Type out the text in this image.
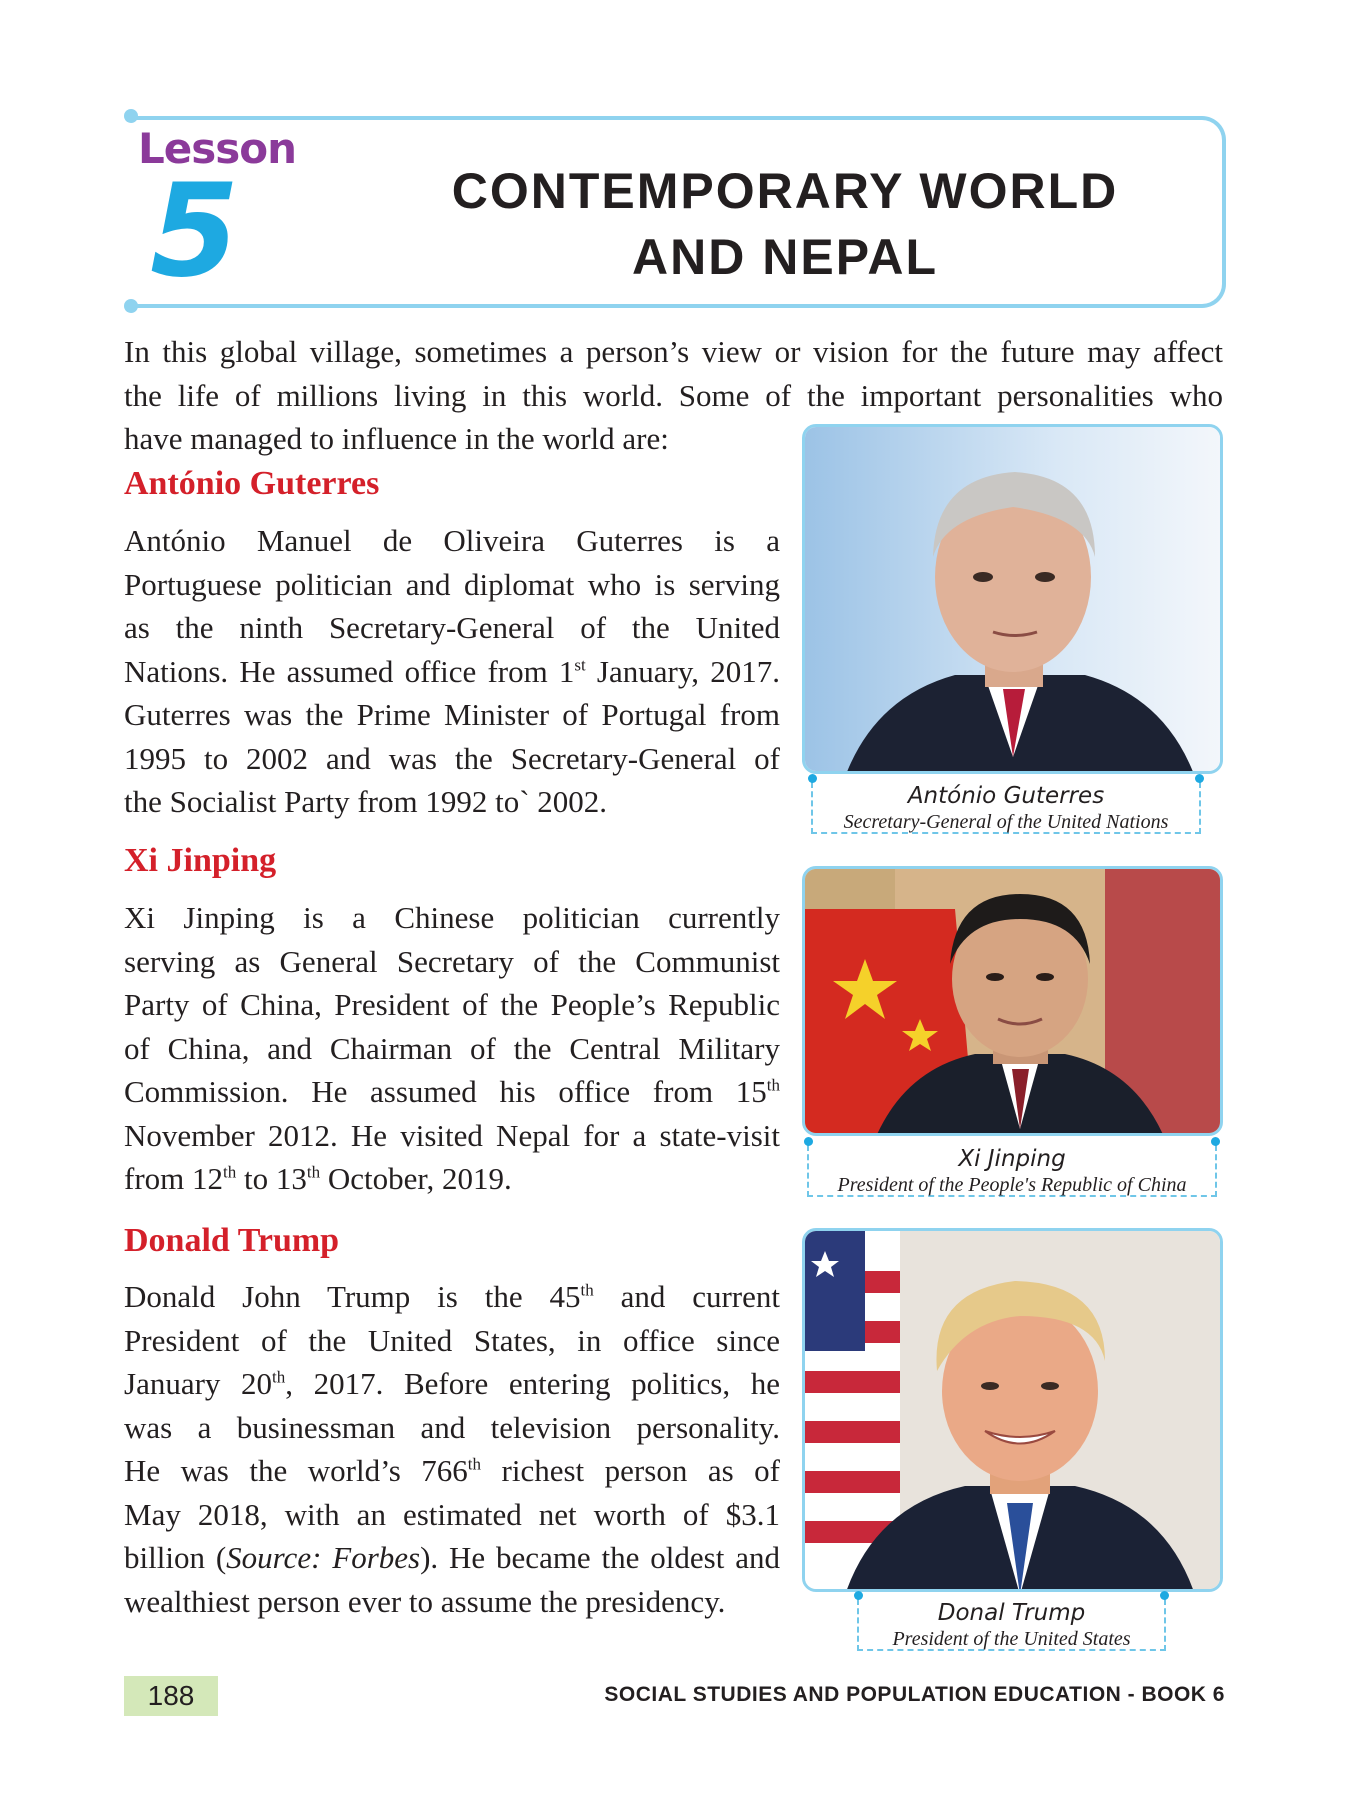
Lesson
5	CONTEMPORARY WORLD
AND NEPAL
In this global village, sometimes a person’s view or vision for the future may affect
the life of millions living in this world. Some of the important personalities who
have managed to influence in the world are:
António Guterres
António Manuel de Oliveira Guterres is a
Portuguese politician and diplomat who is serving
as the ninth Secretary-General of the United
Nations. He assumed office from 1st January, 2017.
Guterres was the Prime Minister of Portugal from
1995 to 2002 and was the Secretary-General of
the Socialist Party from 1992 to` 2002.	António Guterres
Secretary-General of the United Nations
Xi Jinping
Xi Jinping is a Chinese politician currently
serving as General Secretary of the Communist
Party of China, President of the People’s Republic
of China, and Chairman of the Central Military
Commission. He assumed his office from 15th
November 2012. He visited Nepal for a state-visit
from 12th to 13th October, 2019.
Xi Jinping
President of the People's Republic of China
Donald Trump
Donald John Trump is the 45th and current
President of the United States, in office since
January 20th, 2017. Before entering politics, he
was a businessman and television personality.
He was the world’s 766th richest person as of
May 2018, with an estimated net worth of $3.1
billion (Source: Forbes). He became the oldest and
wealthiest person ever to assume the presidency.	Donal Trump
President of the United States
188	SOCIAL STUDIES AND POPULATION EDUCATION - BOOK 6
